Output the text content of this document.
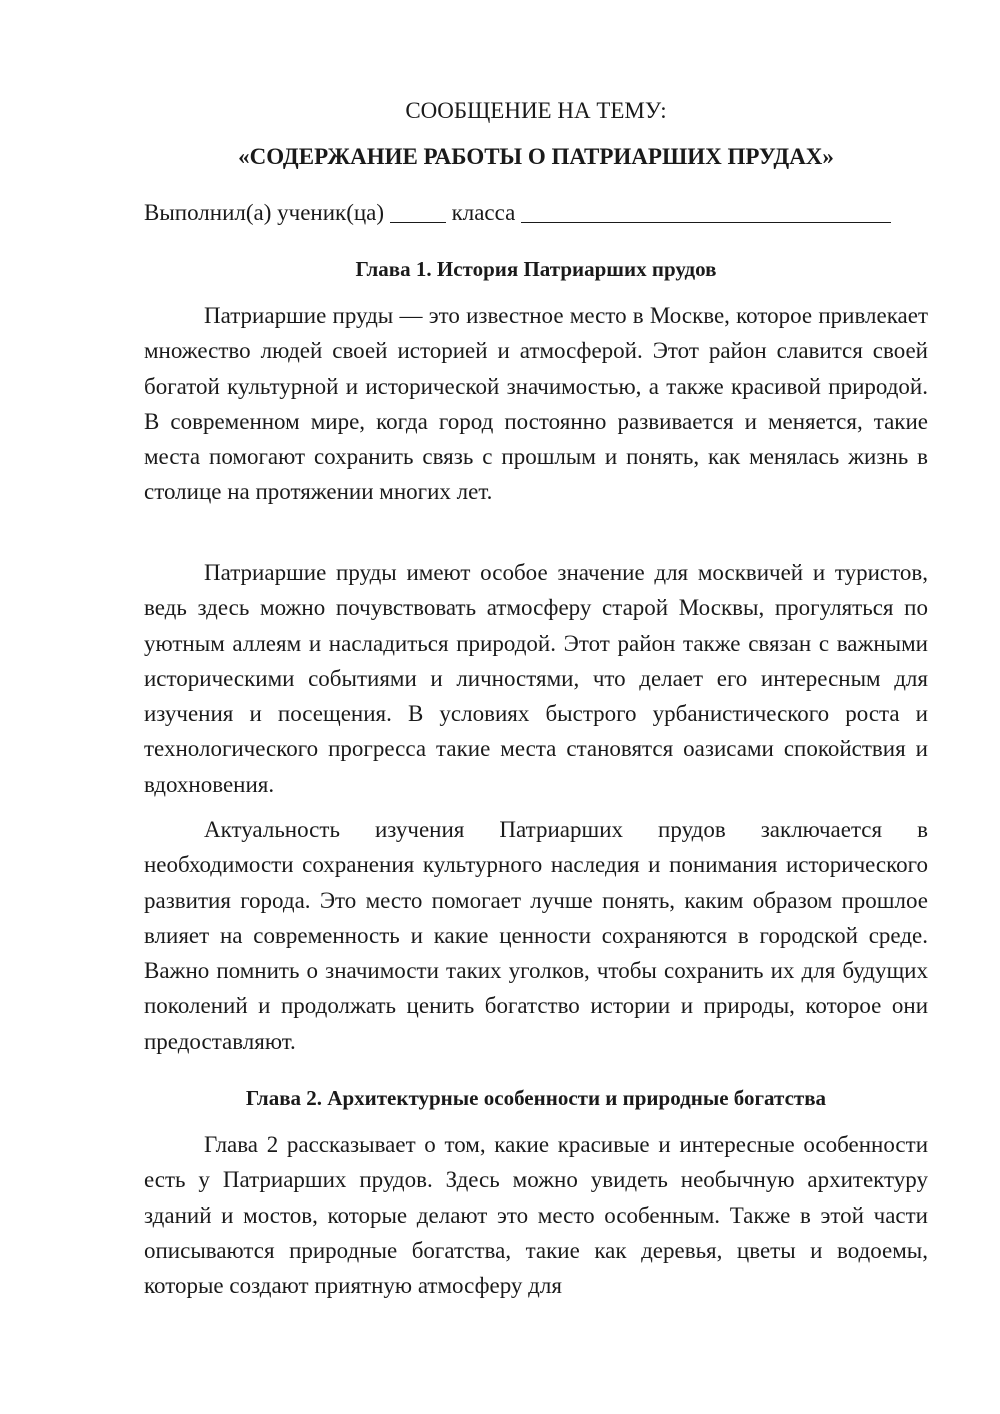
СООБЩЕНИЕ НА ТЕМУ:

«СОДЕРЖАНИЕ РАБОТЫ О ПАТРИАРШИХ ПРУДАХ»

Выполнил(а) ученик(ца)	класса
Глава 1. История Патриарших прудов

Патриаршие пруды — это известное место в Москве, которое привлекает множество людей своей историей и атмосферой. Этот район славится своей богатой культурной и исторической значимостью, а также красивой природой. В современном мире, когда город постоянно развивается и меняется, такие места помогают сохранить связь с прошлым и понять, как менялась жизнь в столице на протяжении многих лет.

Патриаршие пруды имеют особое значение для москвичей и туристов, ведь здесь можно почувствовать атмосферу старой Москвы, прогуляться по уютным аллеям и насладиться природой. Этот район также связан с важными историческими событиями и личностями, что делает его интересным для изучения и посещения. В условиях быстрого урбанистического роста и технологического прогресса такие места становятся оазисами спокойствия и вдохновения.

Актуальность изучения Патриарших прудов заключается в необходимости сохранения культурного наследия и понимания исторического развития города. Это место помогает лучше понять, каким образом прошлое влияет на современность и какие ценности сохраняются в городской среде. Важно помнить о значимости таких уголков, чтобы сохранить их для будущих поколений и продолжать ценить богатство истории и природы, которое они предоставляют.

Глава 2. Архитектурные особенности и природные богатства

Глава 2 рассказывает о том, какие красивые и интересные особенности есть у Патриарших прудов. Здесь можно увидеть необычную архитектуру зданий и мостов, которые делают это место особенным. Также в этой части описываются природные богатства, такие как деревья, цветы и водоемы, которые создают приятную атмосферу для
